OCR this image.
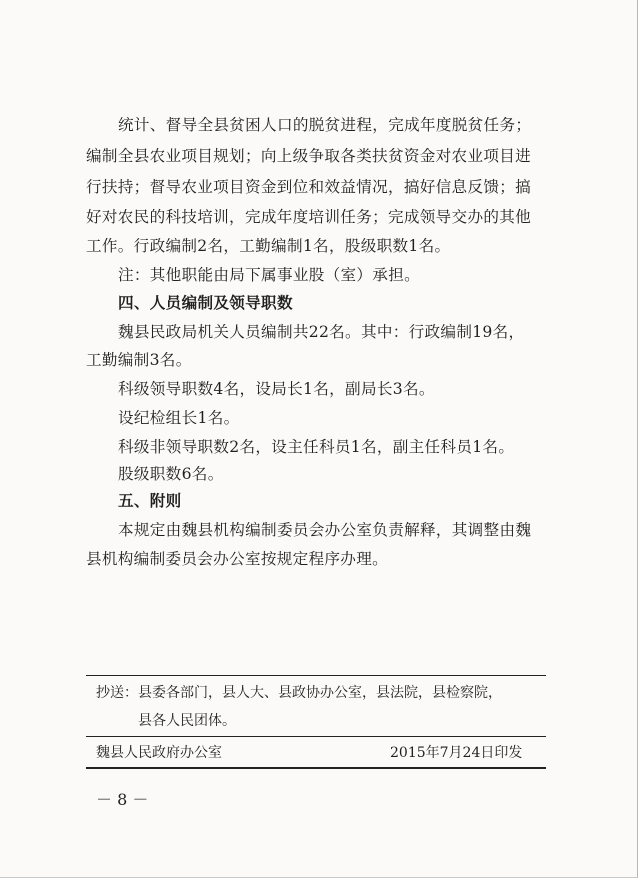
统计、督导全县贫困人口的脱贫进程，完成年度脱贫任务；
编制全县农业项目规划；向上级争取各类扶贫资金对农业项目进
行扶持；督导农业项目资金到位和效益情况，搞好信息反馈；搞
好对农民的科技培训，完成年度培训任务；完成领导交办的其他
工作。行政编制2名，工勤编制1名，股级职数1名。
注：其他职能由局下属事业股（室）承担。
四、人员编制及领导职数
魏县民政局机关人员编制共22名。其中：行政编制19名，
工勤编制3名。
科级领导职数4名，设局长1名，副局长3名。
设纪检组长1名。
科级非领导职数2名，设主任科员1名，副主任科员1名。
股级职数6名。
五、附则
本规定由魏县机构编制委员会办公室负责解释，其调整由魏
县机构编制委员会办公室按规定程序办理。
抄送：县委各部门，县人大、县政协办公室，县法院，县检察院，
县各人民团体。
魏县人民政府办公室	2015年7月24日印发
－ 8 －
